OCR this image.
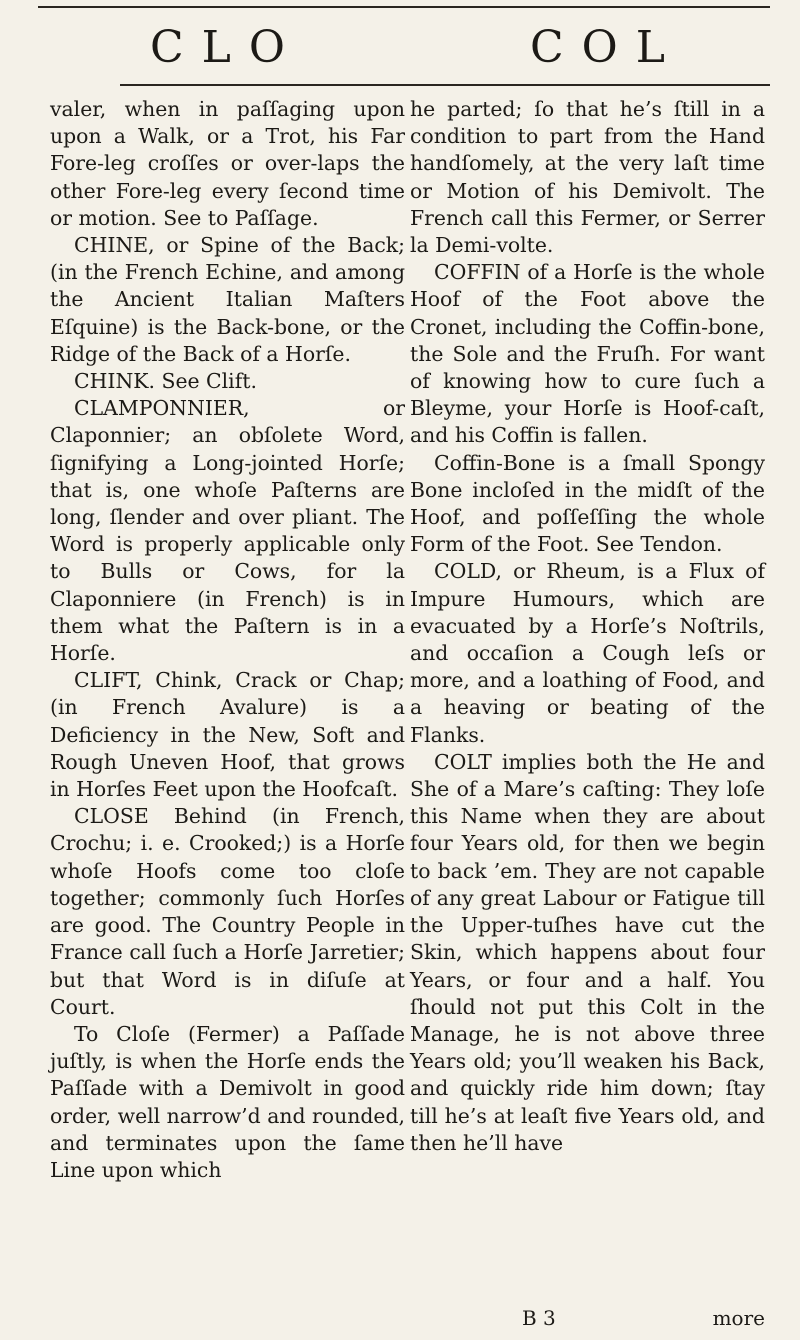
CLO	COL

valer, when in paſſaging upon upon a Walk, or a Trot, his Far Fore-leg croſſes or over-laps the other Fore-leg every ſecond time or motion. See to Paſſage.

CHINE, or Spine of the Back; (in the French Echine, and among the Ancient Italian Maſters Eſquine) is the Back-bone, or the Ridge of the Back of a Horſe.

CHINK. See Clift.

CLAMPONNIER, or Claponnier; an obſolete Word, ſignifying a Long-jointed Horſe; that is, one whoſe Paſterns are long, ſlender and over pliant. The Word is properly applicable only to Bulls or Cows, for la Claponniere (in French) is in them what the Paſtern is in a Horſe.

CLIFT, Chink, Crack or Chap; (in French Avalure) is a Deficiency in the New, Soft and Rough Uneven Hoof, that grows in Horſes Feet upon the Hoofcaſt.

CLOSE Behind (in French, Crochu; i. e. Crooked;) is a Horſe whoſe Hoofs come too cloſe together; commonly ſuch Horſes are good. The Country People in France call ſuch a Horſe Jarretier; but that Word is in diſuſe at Court.

To Cloſe (Fermer) a Paſſade juſtly, is when the Horſe ends the Paſſade with a Demivolt in good order, well narrow’d and rounded, and terminates upon the ſame Line upon which

he parted; ſo that he’s ſtill in a condition to part from the Hand handſomely, at the very laſt time or Motion of his Demivolt. The French call this Fermer, or Serrer la Demi-volte.

COFFIN of a Horſe is the whole Hoof of the Foot above the Cronet, including the Coffin-bone, the Sole and the Fruſh. For want of knowing how to cure ſuch a Bleyme, your Horſe is Hoof-caſt, and his Coffin is fallen.

Coffin-Bone is a ſmall Spongy Bone incloſed in the midſt of the Hoof, and poſſeſſing the whole Form of the Foot. See Tendon.

COLD, or Rheum, is a Flux of Impure Humours, which are evacuated by a Horſe’s Noſtrils, and occaſion a Cough leſs or more, and a loathing of Food, and a heaving or beating of the Flanks.

COLT implies both the He and She of a Mare’s caſting: They loſe this Name when they are about four Years old, for then we begin to back ’em. They are not capable of any great Labour or Fatigue till the Upper-tuſhes have cut the Skin, which happens about four Years, or four and a half. You ſhould not put this Colt in the Manage, he is not above three Years old; you’ll weaken his Back, and quickly ride him down; ſtay till he’s at leaſt five Years old, and then he’ll have

B 3	more
